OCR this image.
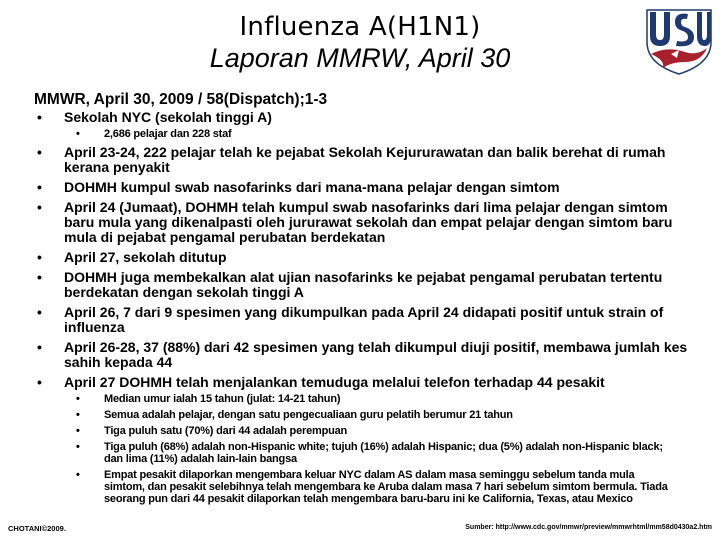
Influenza A(H1N1)
Laporan MMRW, April 30
MMWR, April 30, 2009 / 58(Dispatch);1-3
• Sekolah NYC (sekolah tinggi A)
• 2,686 pelajar dan 228 staf
• April 23-24, 222 pelajar telah ke pejabat Sekolah Kejururawatan dan balik berehat di rumah kerana penyakit
• DOHMH kumpul swab nasofarinks dari mana-mana pelajar dengan simtom
• April 24 (Jumaat), DOHMH telah kumpul swab nasofarinks dari lima pelajar dengan simtom baru mula yang dikenalpasti oleh jururawat sekolah dan empat pelajar dengan simtom baru mula di pejabat pengamal perubatan berdekatan
• April 27, sekolah ditutup
• DOHMH juga membekalkan alat ujian nasofarinks ke pejabat pengamal perubatan tertentu berdekatan dengan sekolah tinggi A
• April 26, 7 dari 9 spesimen yang dikumpulkan pada April 24 didapati positif untuk strain of influenza
• April 26-28, 37 (88%) dari 42 spesimen yang telah dikumpul diuji positif, membawa jumlah kes sahih kepada 44
• April 27 DOHMH telah menjalankan temuduga melalui telefon terhadap 44 pesakit
• Median umur ialah 15 tahun (julat: 14-21 tahun)
• Semua adalah pelajar, dengan satu pengecualiaan guru pelatih berumur 21 tahun
• Tiga puluh satu (70%) dari 44 adalah perempuan
• Tiga puluh (68%) adalah non-Hispanic white; tujuh (16%) adalah Hispanic; dua (5%) adalah non-Hispanic black; dan lima (11%) adalah lain-lain bangsa
• Empat pesakit dilaporkan mengembara keluar NYC dalam AS dalam masa seminggu sebelum tanda mula simtom, dan pesakit selebihnya telah mengembara ke Aruba dalam masa 7 hari sebelum simtom bermula. Tiada seorang pun dari 44 pesakit dilaporkan telah mengembara baru-baru ini ke California, Texas, atau Mexico
CHOTANI©2009.	Sumber: http://www.cdc.gov/mmwr/preview/mmwrhtml/mm58d0430a2.htm
